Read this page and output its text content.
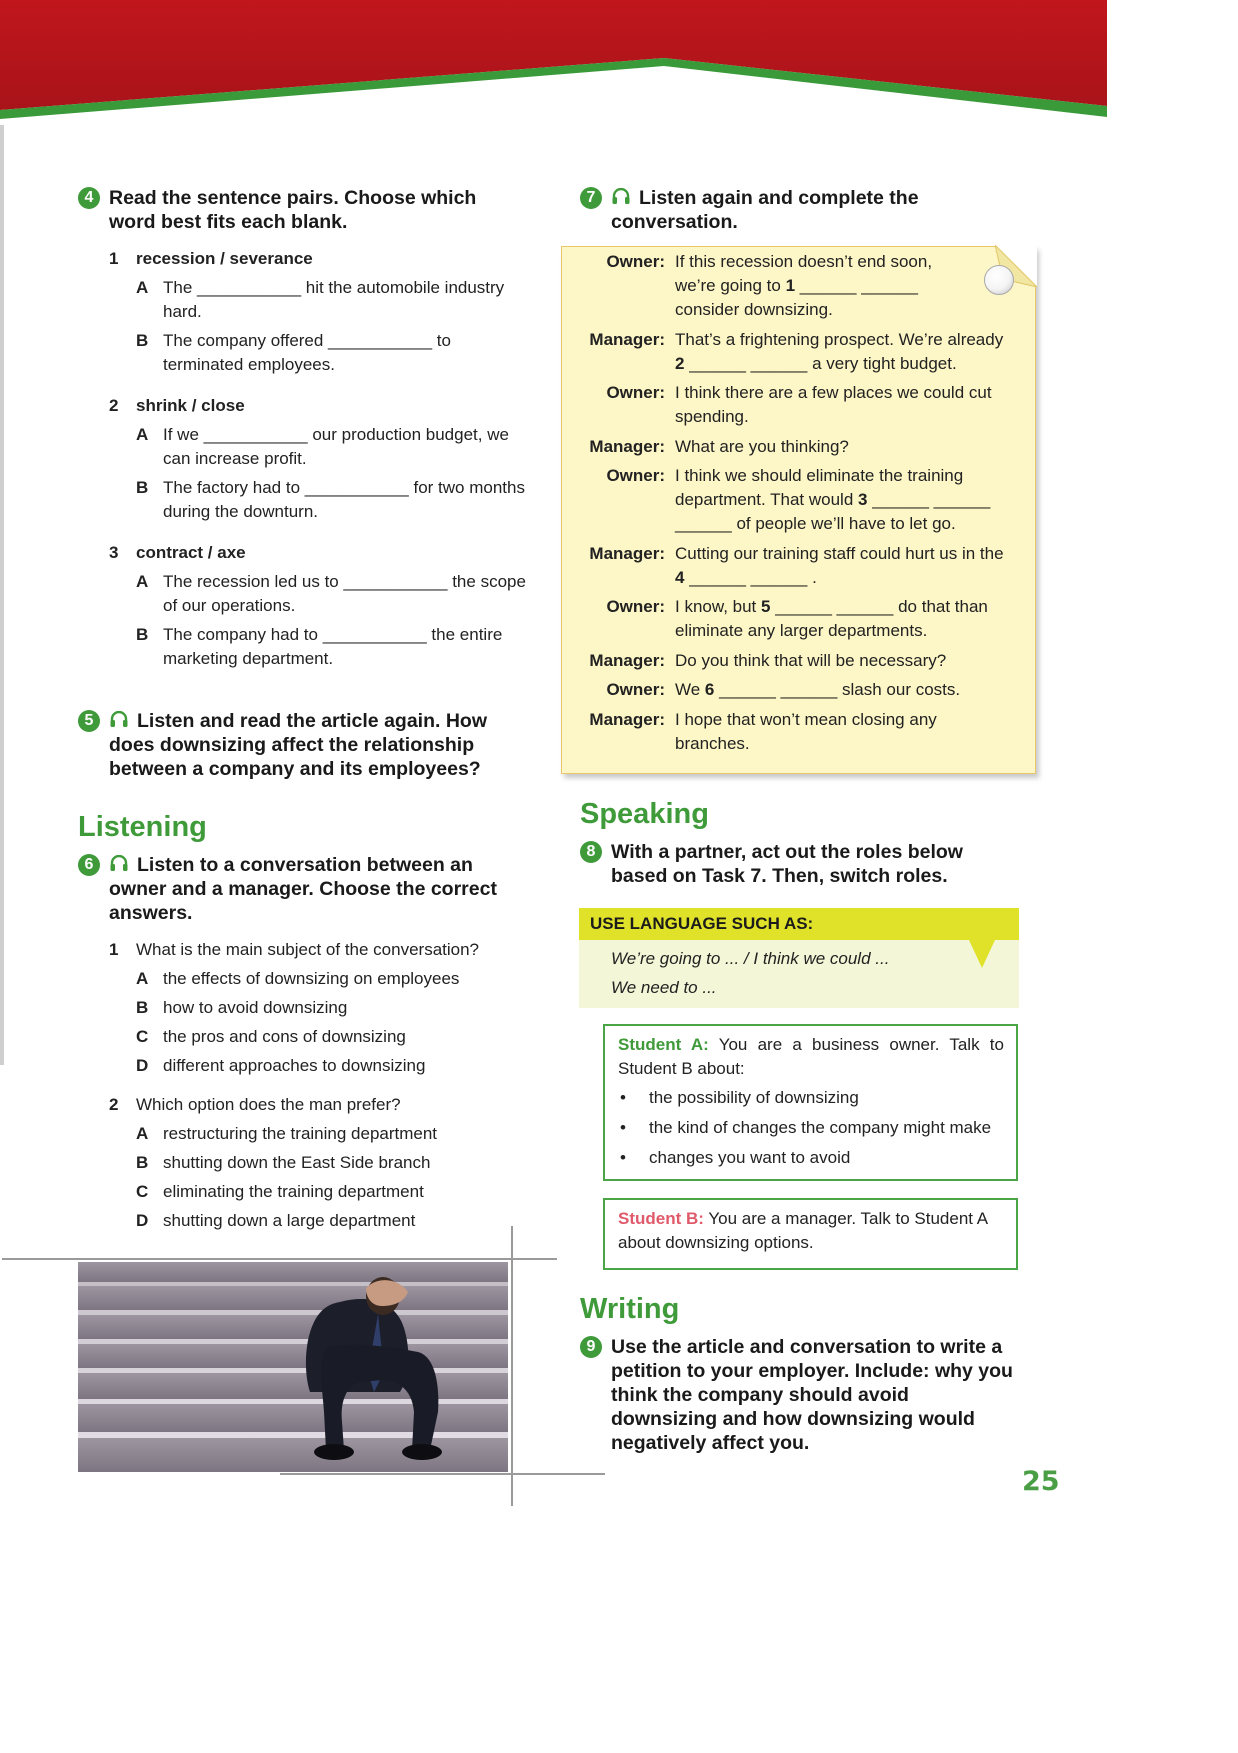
4 Read the sentence pairs. Choose which word best fits each blank.
1	recession / severance
A The ___________ hit the automobile industry hard.
B The company offered ___________ to terminated employees.
2	shrink / close
A If we ___________ our production budget, we can increase profit.
B The factory had to ___________ for two months during the downturn.
3	contract / axe
A The recession led us to ___________ the scope of our operations.
B The company had to ___________ the entire marketing department.
5	Listen and read the article again. How does downsizing affect the relationship between a company and its employees?
Listening
6	Listen to a conversation between an owner and a manager. Choose the correct answers.
1	What is the main subject of the conversation?
A the effects of downsizing on employees
B how to avoid downsizing
C the pros and cons of downsizing
D different approaches to downsizing
2	Which option does the man prefer?
A restructuring the training department
B shutting down the East Side branch
C eliminating the training department
D shutting down a large department
7	Listen again and complete the conversation.
Owner: If this recession doesn’t end soon, we’re going to 1 ______ ______ consider downsizing.
Manager: That’s a frightening prospect. We’re already 2 ______ ______ a very tight budget.
Owner: I think there are a few places we could cut spending.
Manager: What are you thinking?
Owner: I think we should eliminate the training department. That would 3 ______ ______ ______ of people we’ll have to let go.
Manager: Cutting our training staff could hurt us in the 4 ______ ______ .
Owner: I know, but 5 ______ ______ do that than eliminate any larger departments.
Manager: Do you think that will be necessary?
Owner: We 6 ______ ______ slash our costs.
Manager: I hope that won’t mean closing any branches.
Speaking
8 With a partner, act out the roles below based on Task 7. Then, switch roles.
USE LANGUAGE SUCH AS:
We’re going to ... / I think we could ...
We need to ...
Student A: You are a business owner. Talk to Student B about:
•	the possibility of downsizing
•	the kind of changes the company might make
•	changes you want to avoid
Student B: You are a manager. Talk to Student A about downsizing options.
Writing
9 Use the article and conversation to write a petition to your employer. Include: why you think the company should avoid downsizing and how downsizing would negatively affect you.
25
